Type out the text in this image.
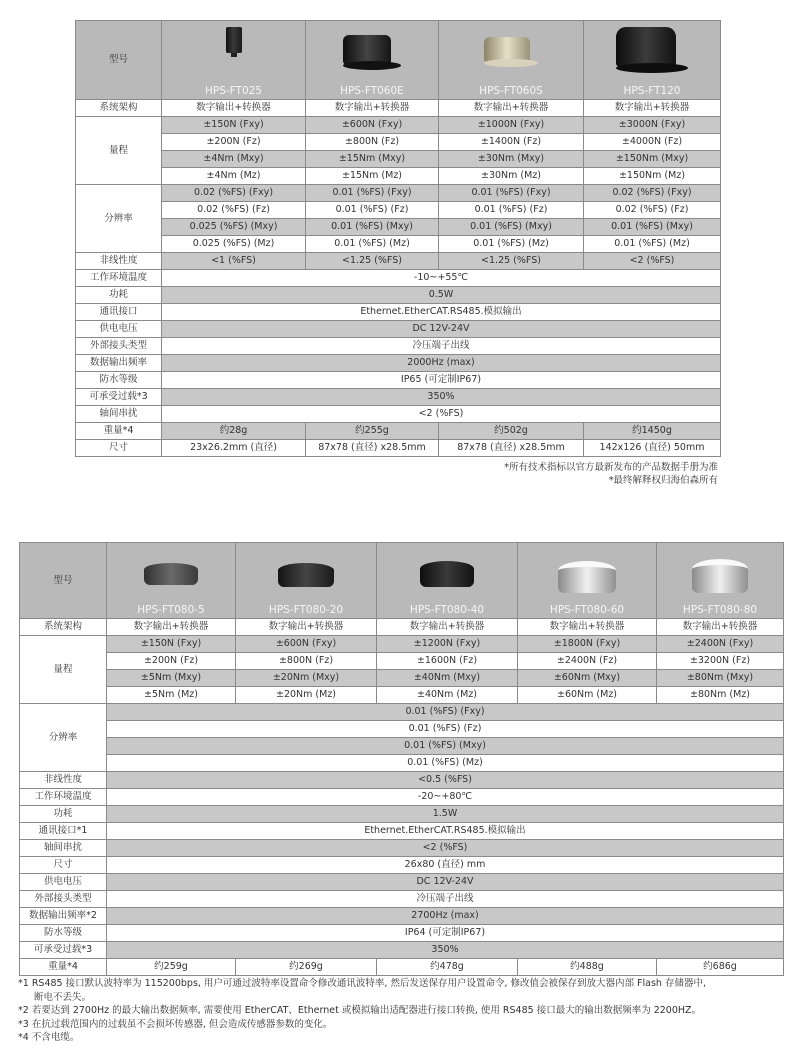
型号	HPS-FT025	HPS-FT060E	HPS-FT060S	HPS-FT120

系统架构	数字输出+转换器	数字输出+转换器	数字输出+转换器	数字输出+转换器
量程	±150N (Fxy)	±600N (Fxy)	±1000N (Fxy)	±3000N (Fxy)
	±200N (Fz)	±800N (Fz)	±1400N (Fz)	±4000N (Fz)
	±4Nm (Mxy)	±15Nm (Mxy)	±30Nm (Mxy)	±150Nm (Mxy)
	±4Nm (Mz)	±15Nm (Mz)	±30Nm (Mz)	±150Nm (Mz)
分辨率	0.02 (%FS) (Fxy)	0.01 (%FS) (Fxy)	0.01 (%FS) (Fxy)	0.02 (%FS) (Fxy)
	0.02 (%FS) (Fz)	0.01 (%FS) (Fz)	0.01 (%FS) (Fz)	0.02 (%FS) (Fz)
	0.025 (%FS) (Mxy)	0.01 (%FS) (Mxy)	0.01 (%FS) (Mxy)	0.01 (%FS) (Mxy)
	0.025 (%FS) (Mz)	0.01 (%FS) (Mz)	0.01 (%FS) (Mz)	0.01 (%FS) (Mz)
非线性度	<1 (%FS)	<1.25 (%FS)	<1.25 (%FS)	<2 (%FS)
工作环境温度	-10~+55℃			
功耗	0.5W			
通讯接口	Ethernet.EtherCAT.RS485.模拟输出			
供电电压	DC 12V-24V			
外部接头类型	冷压端子出线			
数据输出频率	2000Hz (max)			
防水等级	IP65 (可定制IP67)			
可承受过载*3	350%			
轴间串扰	<2 (%FS)			
重量*4	约28g	约255g	约502g	约1450g
尺寸	23x26.2mm (直径)	87x78 (直径) x28.5mm	87x78 (直径) x28.5mm	142x126 (直径) 50mm
*所有技术指标以官方最新发布的产品数据手册为准
*最终解释权归海伯森所有
型号	HPS-FT080-5	HPS-FT080-20	HPS-FT080-40	HPS-FT080-60	HPS-FT080-80

系统架构	数字输出+转换器	数字输出+转换器	数字输出+转换器	数字输出+转换器	数字输出+转换器
量程	±150N (Fxy)	±600N (Fxy)	±1200N (Fxy)	±1800N (Fxy)	±2400N (Fxy)
	±200N (Fz)	±800N (Fz)	±1600N (Fz)	±2400N (Fz)	±3200N (Fz)
	±5Nm (Mxy)	±20Nm (Mxy)	±40Nm (Mxy)	±60Nm (Mxy)	±80Nm (Mxy)
	±5Nm (Mz)	±20Nm (Mz)	±40Nm (Mz)	±60Nm (Mz)	±80Nm (Mz)
分辨率	0.01 (%FS) (Fxy)				
	0.01 (%FS) (Fz)				
	0.01 (%FS) (Mxy)				
	0.01 (%FS) (Mz)				
非线性度	<0.5 (%FS)				
工作环境温度	-20~+80℃				
功耗	1.5W				
通讯接口*1	Ethernet.EtherCAT.RS485.模拟输出				
轴间串扰	<2 (%FS)				
尺寸	26x80 (直径) mm				
供电电压	DC 12V-24V				
外部接头类型	冷压端子出线				
数据输出频率*2	2700Hz (max)				
防水等级	IP64 (可定制IP67)				
可承受过载*3	350%				
重量*4	约259g	约269g	约478g	约488g	约686g

*1 RS485 接口默认波特率为 115200bps, 用户可通过波特率设置命令修改通讯波特率, 然后发送保存用户设置命令, 修改值会被保存到放大器内部 Flash 存储器中,

断电不丢失。

*2 若要达到 2700Hz 的最大输出数据频率, 需要使用 EtherCAT、Ethernet 或模拟输出适配器进行接口转换, 使用 RS485 接口最大的输出数据频率为 2200HZ。

*3 在抗过载范围内的过载虽不会损坏传感器, 但会造成传感器参数的变化。

*4 不含电缆。
